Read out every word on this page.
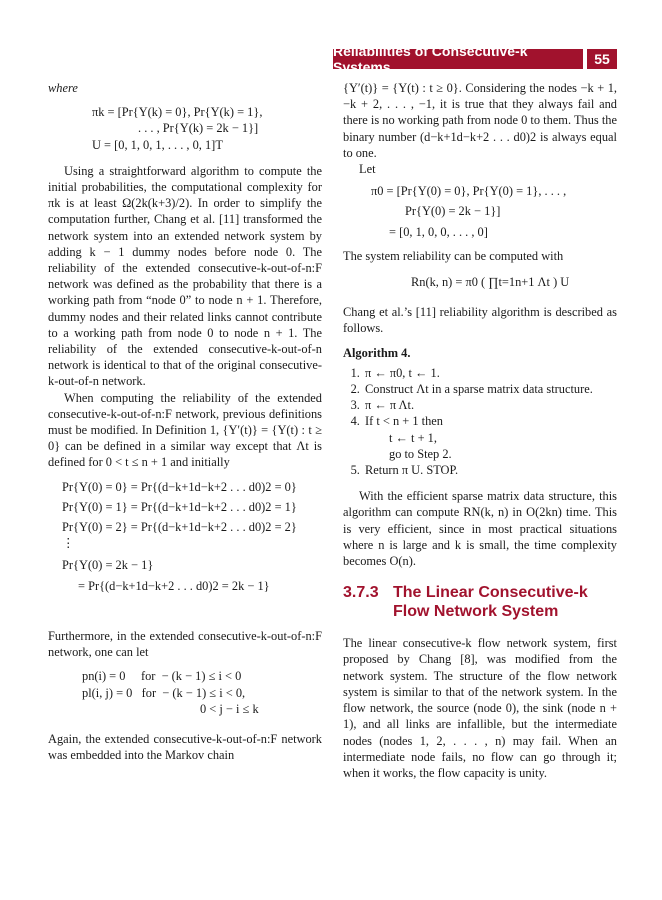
Reliabilities of Consecutive-k Systems	55

where

πk = [Pr{Y(k) = 0}, Pr{Y(k) = 1},
. . . , Pr{Y(k) = 2k − 1}]
U = [0, 1, 0, 1, . . . , 0, 1]T

Using a straightforward algorithm to compute the initial probabilities, the computational complexity for πk is at least Ω(2k(k+3)/2). In order to simplify the computation further, Chang et al. [11] transformed the network system into an extended network system by adding k − 1 dummy nodes before node 0. The reliability of the extended consecutive-k-out-of-n:F network was defined as the probability that there is a working path from “node 0” to node n + 1. Therefore, dummy nodes and their related links cannot contribute to a working path from node 0 to node n + 1. The reliability of the extended consecutive-k-out-of-n network is identical to that of the original consecutive-k-out-of-n network.

When computing the reliability of the extended consecutive-k-out-of-n:F network, previous definitions must be modified. In Definition 1, {Y′(t)} = {Y(t) : t ≥ 0} can be defined in a similar way except that Λt is defined for 0 < t ≤ n + 1 and initially

Pr{Y(0) = 0} = Pr{(d−k+1d−k+2 . . . d0)2 = 0}
Pr{Y(0) = 1} = Pr{(d−k+1d−k+2 . . . d0)2 = 1}
Pr{Y(0) = 2} = Pr{(d−k+1d−k+2 . . . d0)2 = 2}
⋮
Pr{Y(0) = 2k − 1}
= Pr{(d−k+1d−k+2 . . . d0)2 = 2k − 1}

Furthermore, in the extended consecutive-k-out-of-n:F network, one can let

pn(i) = 0     for  − (k − 1) ≤ i < 0
pl(i, j) = 0   for  − (k − 1) ≤ i < 0,
0 < j − i ≤ k

Again, the extended consecutive-k-out-of-n:F network was embedded into the Markov chain

{Y′(t)} = {Y(t) : t ≥ 0}. Considering the nodes −k + 1, −k + 2, . . . , −1, it is true that they always fail and there is no working path from node 0 to them. Thus the binary number (d−k+1d−k+2 . . . d0)2 is always equal to one.

Let

π0 = [Pr{Y(0) = 0}, Pr{Y(0) = 1}, . . . ,
Pr{Y(0) = 2k − 1}]
= [0, 1, 0, 0, . . . , 0]

The system reliability can be computed with

Rn(k, n) = π0 ( ∏t=1n+1 Λt ) U

Chang et al.’s [11] reliability algorithm is described as follows.

Algorithm 4.

1. π ← π0, t ← 1.
2. Construct Λt in a sparse matrix data structure.
3. π ← π Λt.
4. If t < n + 1 then
t ← t + 1,
go to Step 2.
5. Return π U. STOP.

With the efficient sparse matrix data structure, this algorithm can compute RN(k, n) in O(2kn) time. This is very efficient, since in most practical situations where n is large and k is small, the time complexity becomes O(n).

3.7.3 The Linear Consecutive-k Flow Network System

The linear consecutive-k flow network system, first proposed by Chang [8], was modified from the network system. The structure of the flow network system is similar to that of the network system. In the flow network, the source (node 0), the sink (node n + 1), and all links are infallible, but the intermediate nodes (nodes 1, 2, . . . , n) may fail. When an intermediate node fails, no flow can go through it; when it works, the flow capacity is unity.
